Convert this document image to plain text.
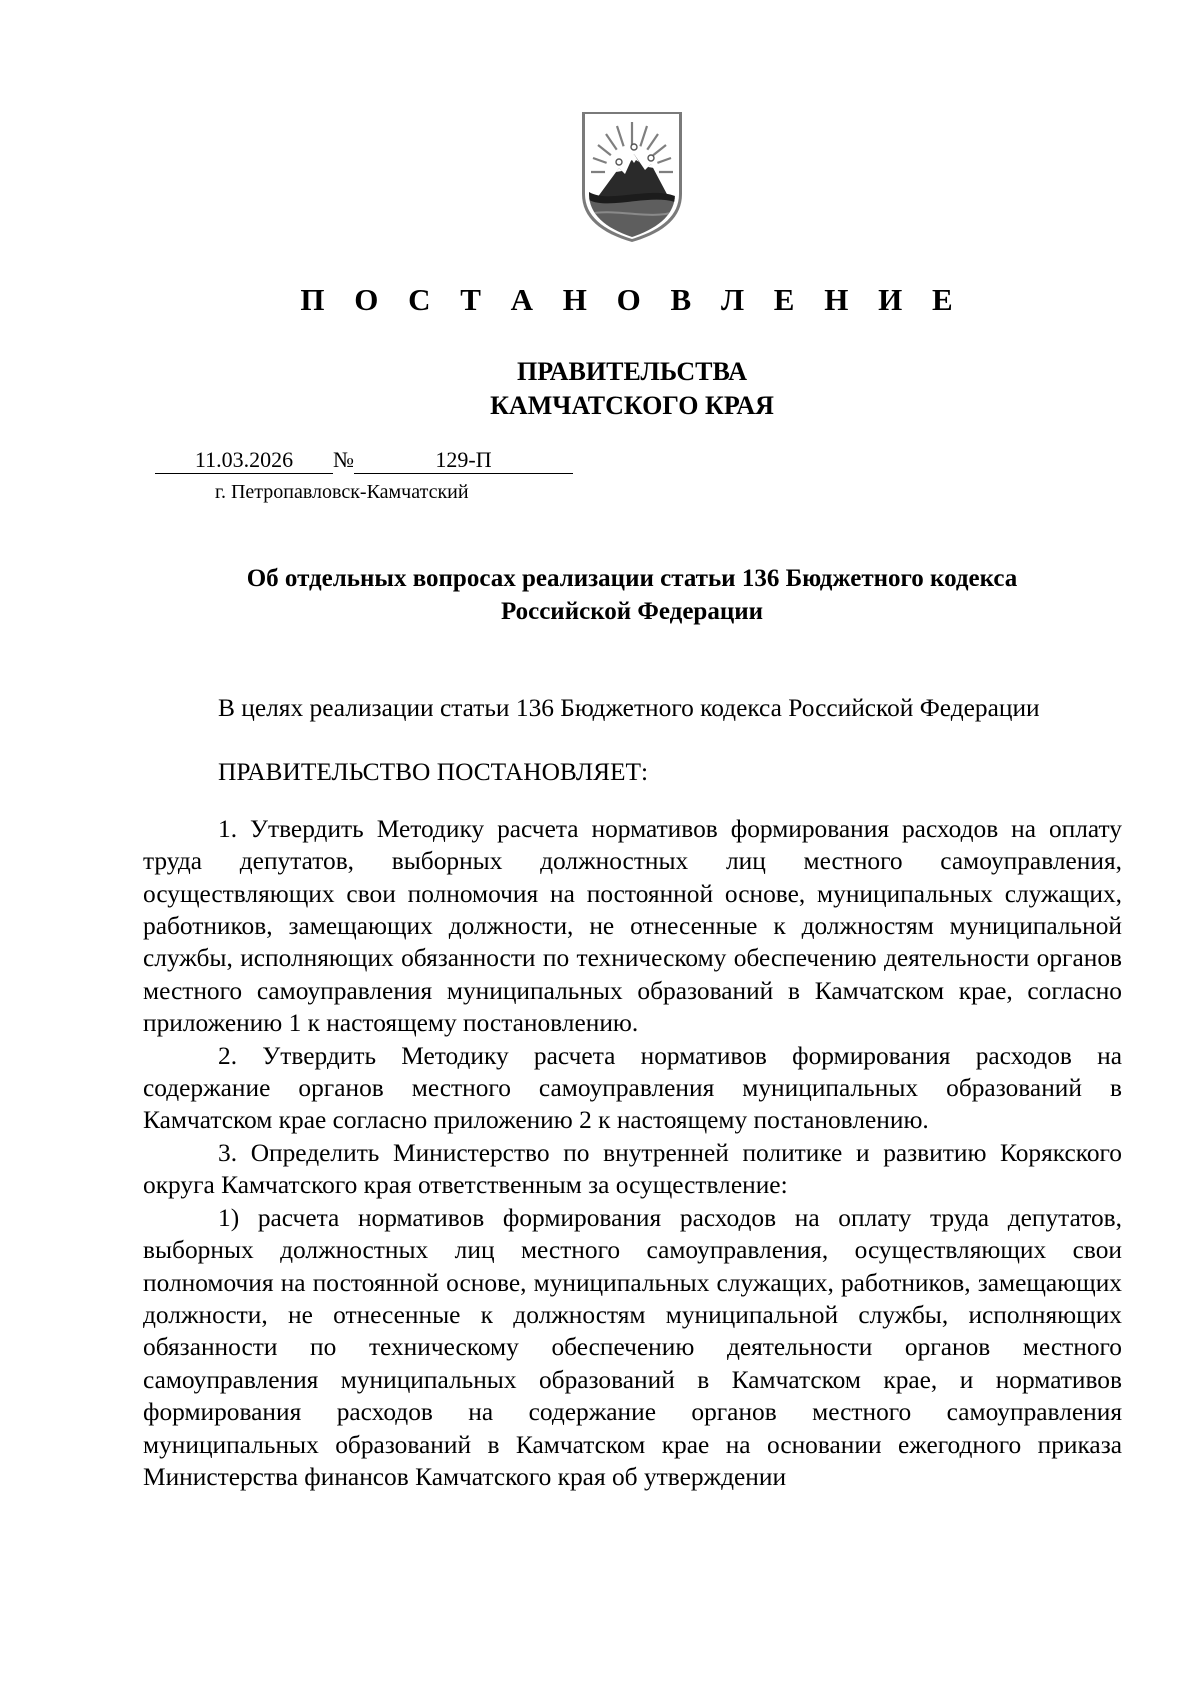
П О С Т А Н О В Л Е Н И Е
ПРАВИТЕЛЬСТВА
КАМЧАТСКОГО КРАЯ
11.03.2026 №	129-П
г. Петропавловск-Камчатский
Об отдельных вопросах реализации статьи 136 Бюджетного кодекса
Российской Федерации

В целях реализации статьи 136 Бюджетного кодекса Российской Федерации

ПРАВИТЕЛЬСТВО ПОСТАНОВЛЯЕТ:

1. Утвердить Методику расчета нормативов формирования расходов на оплату труда депутатов, выборных должностных лиц местного самоуправления, осуществляющих свои полномочия на постоянной основе, муниципальных служащих, работников, замещающих должности, не отнесенные к должностям муниципальной службы, исполняющих обязанности по техническому обеспечению деятельности органов местного самоуправления муниципальных образований в Камчатском крае, согласно приложению 1 к настоящему постановлению.

2. Утвердить Методику расчета нормативов формирования расходов на содержание органов местного самоуправления муниципальных образований в Камчатском крае согласно приложению 2 к настоящему постановлению.

3. Определить Министерство по внутренней политике и развитию Корякского округа Камчатского края ответственным за осуществление:

1) расчета нормативов формирования расходов на оплату труда депутатов, выборных должностных лиц местного самоуправления, осуществляющих свои полномочия на постоянной основе, муниципальных служащих, работников, замещающих должности, не отнесенные к должностям муниципальной службы, исполняющих обязанности по техническому обеспечению деятельности органов местного самоуправления муниципальных образований в Камчатском крае, и нормативов формирования расходов на содержание органов местного самоуправления муниципальных образований в Камчатском крае на основании ежегодного приказа Министерства финансов Камчатского края об утверждении
